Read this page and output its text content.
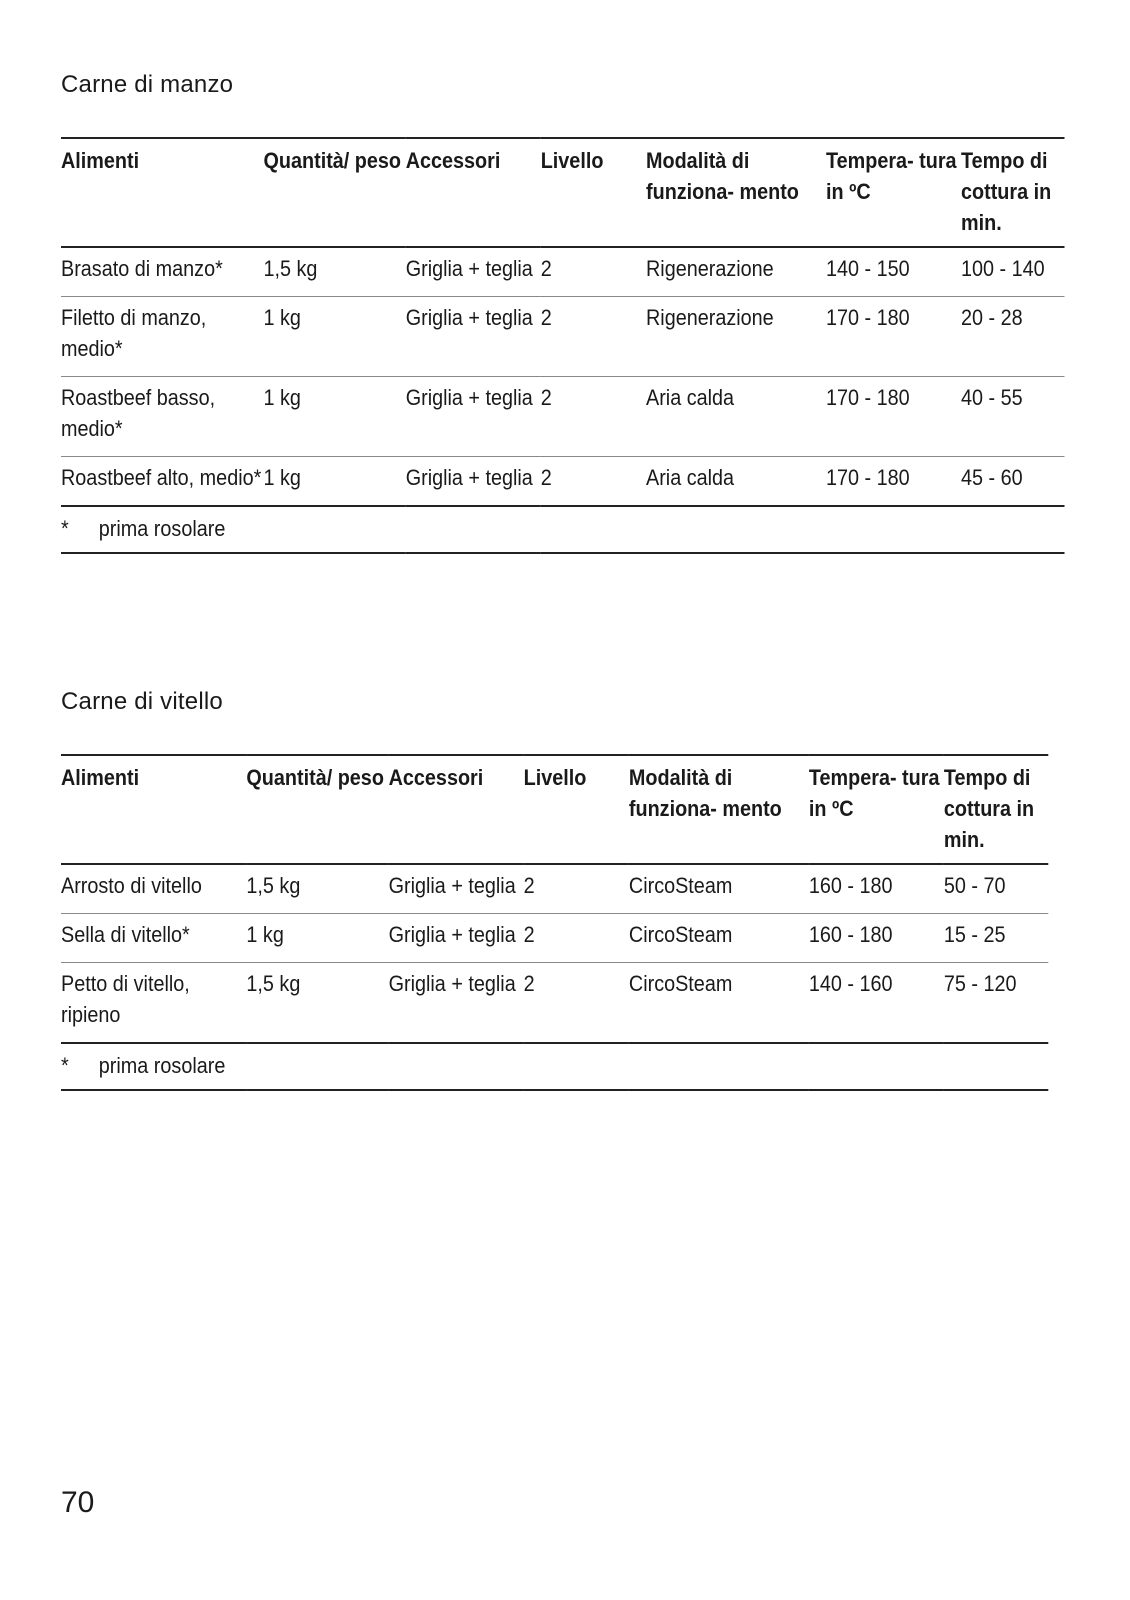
Carne di manzo
Alimenti	Quantità/ peso	Accessori	Livello	Modalità di funziona- mento	Tempera- tura in ºC	Tempo di cottura in min.
Brasato di manzo*	1,5 kg	Griglia + teglia	2	Rigenerazione	140 - 150	100 - 140
Filetto di manzo, medio*	1 kg	Griglia + teglia	2	Rigenerazione	170 - 180	20 - 28
Roastbeef basso, medio*	1 kg	Griglia + teglia	2	Aria calda	170 - 180	40 - 55
Roastbeef alto, medio*	1 kg	Griglia + teglia	2	Aria calda	170 - 180	45 - 60
* prima rosolare						
Carne di vitello
Alimenti	Quantità/ peso	Accessori	Livello	Modalità di funziona- mento	Tempera- tura in ºC	Tempo di cottura in min.
Arrosto di vitello	1,5 kg	Griglia + teglia	2	CircoSteam	160 - 180	50 - 70
Sella di vitello*	1 kg	Griglia + teglia	2	CircoSteam	160 - 180	15 - 25
Petto di vitello, ripieno	1,5 kg	Griglia + teglia	2	CircoSteam	140 - 160	75 - 120
* prima rosolare						
70
